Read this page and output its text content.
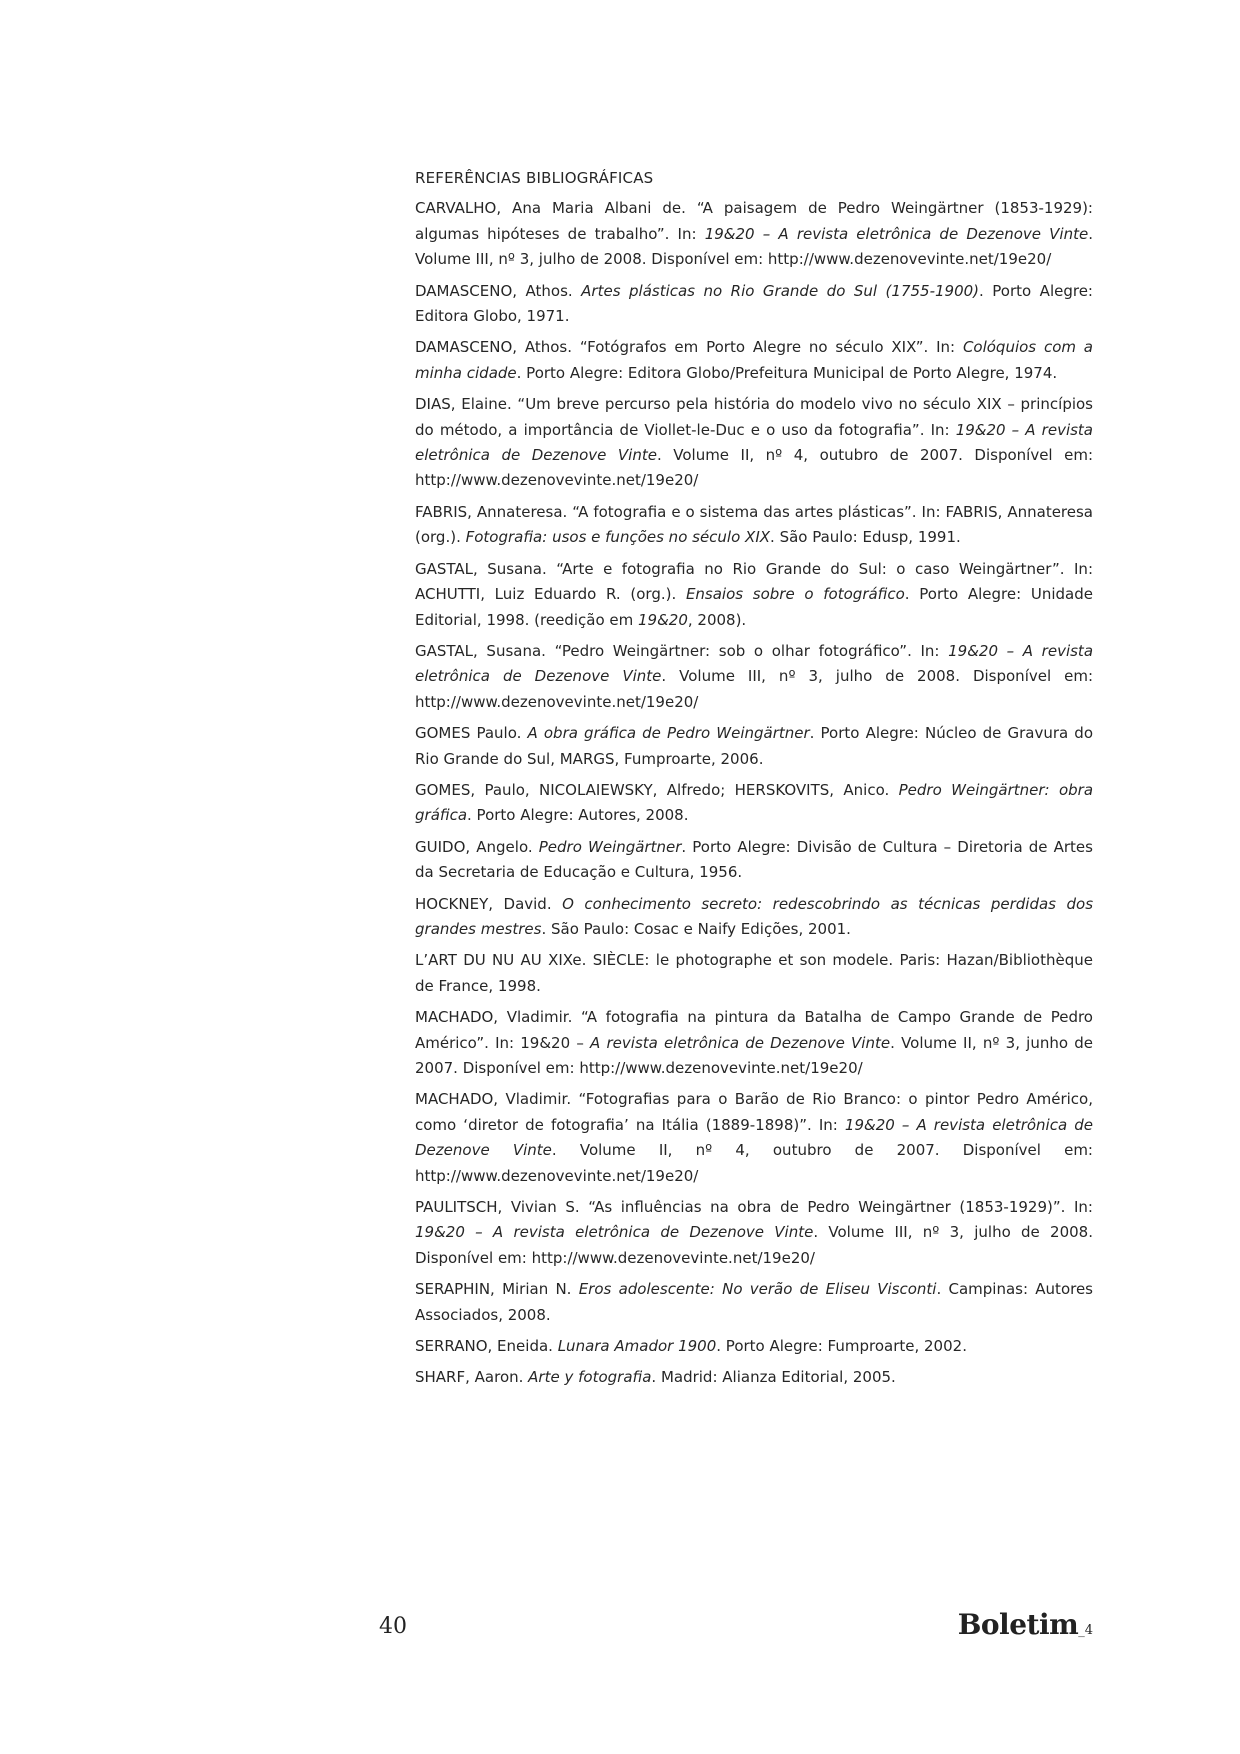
REFERÊNCIAS BIBLIOGRÁFICAS

CARVALHO, Ana Maria Albani de. “A paisagem de Pedro Weingärtner (1853-1929): algumas hipóteses de trabalho”. In: 19&20 – A revista eletrônica de Dezenove Vinte. Volume III, nº 3, julho de 2008. Disponível em: http://www.dezenovevinte.net/19e20/

DAMASCENO, Athos. Artes plásticas no Rio Grande do Sul (1755-1900). Porto Alegre: Editora Globo, 1971.

DAMASCENO, Athos. “Fotógrafos em Porto Alegre no século XIX”. In: Colóquios com a minha cidade. Porto Alegre: Editora Globo/Prefeitura Municipal de Porto Alegre, 1974.

DIAS, Elaine. “Um breve percurso pela história do modelo vivo no século XIX – princípios do método, a importância de Viollet-le-Duc e o uso da fotografia”. In: 19&20 – A revista eletrônica de Dezenove Vinte. Volume II, nº 4, outubro de 2007. Disponível em: http://www.dezenovevinte.net/19e20/

FABRIS, Annateresa. “A fotografia e o sistema das artes plásticas”. In: FABRIS, Annateresa (org.). Fotografia: usos e funções no século XIX. São Paulo: Edusp, 1991.

GASTAL, Susana. “Arte e fotografia no Rio Grande do Sul: o caso Weingärtner”. In: ACHUTTI, Luiz Eduardo R. (org.). Ensaios sobre o fotográfico. Porto Alegre: Unidade Editorial, 1998. (reedição em 19&20, 2008).

GASTAL, Susana. “Pedro Weingärtner: sob o olhar fotográfico”. In: 19&20 – A revista eletrônica de Dezenove Vinte. Volume III, nº 3, julho de 2008. Disponível em: http://www.dezenovevinte.net/19e20/

GOMES Paulo. A obra gráfica de Pedro Weingärtner. Porto Alegre: Núcleo de Gravura do Rio Grande do Sul, MARGS, Fumproarte, 2006.

GOMES, Paulo, NICOLAIEWSKY, Alfredo; HERSKOVITS, Anico. Pedro Weingärtner: obra gráfica. Porto Alegre: Autores, 2008.

GUIDO, Angelo. Pedro Weingärtner. Porto Alegre: Divisão de Cultura – Diretoria de Artes da Secretaria de Educação e Cultura, 1956.

HOCKNEY, David. O conhecimento secreto: redescobrindo as técnicas perdidas dos grandes mestres. São Paulo: Cosac e Naify Edições, 2001.

L’ART DU NU AU XIXe. SIÈCLE: le photographe et son modele. Paris: Hazan/Bibliothèque de France, 1998.

MACHADO, Vladimir. “A fotografia na pintura da Batalha de Campo Grande de Pedro Américo”. In: 19&20 – A revista eletrônica de Dezenove Vinte. Volume II, nº 3, junho de 2007. Disponível em: http://www.dezenovevinte.net/19e20/

MACHADO, Vladimir. “Fotografias para o Barão de Rio Branco: o pintor Pedro Américo, como ‘diretor de fotografia’ na Itália (1889-1898)”. In: 19&20 – A revista eletrônica de Dezenove Vinte. Volume II, nº 4, outubro de 2007. Disponível em: http://www.dezenovevinte.net/19e20/

PAULITSCH, Vivian S. “As influências na obra de Pedro Weingärtner (1853-1929)”. In: 19&20 – A revista eletrônica de Dezenove Vinte. Volume III, nº 3, julho de 2008. Disponível em: http://www.dezenovevinte.net/19e20/

SERAPHIN, Mirian N. Eros adolescente: No verão de Eliseu Visconti. Campinas: Autores Associados, 2008.

SERRANO, Eneida. Lunara Amador 1900. Porto Alegre: Fumproarte, 2002.

SHARF, Aaron. Arte y fotografia. Madrid: Alianza Editorial, 2005.

40	Boletim_4
